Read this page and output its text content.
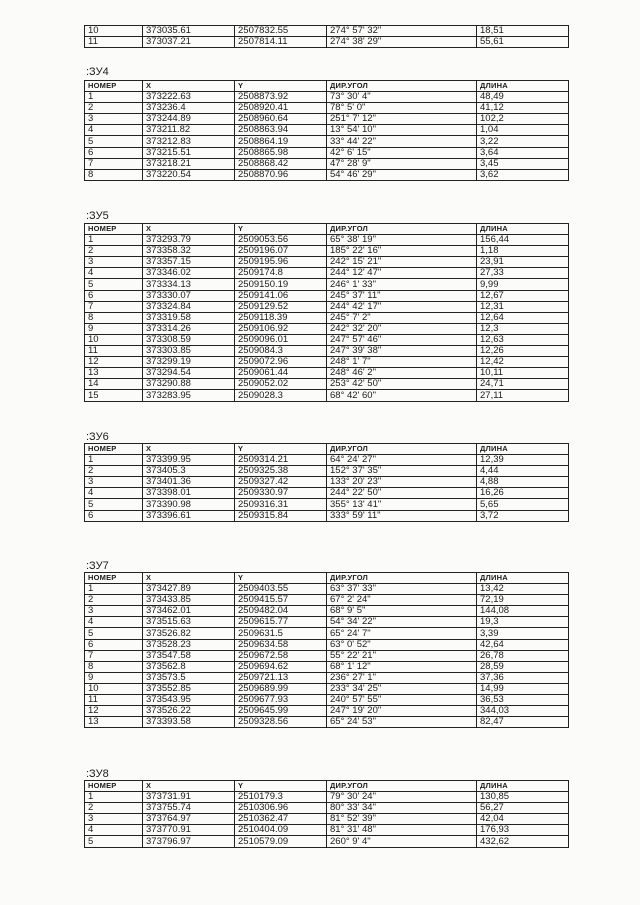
10	373035.61	2507832.55	274° 57' 32"	18,51
11	373037.21	2507814.11	274° 38' 29"	55,61
:ЗУ4
НОМЕР	X	Y	ДИР.УГОЛ	ДЛИНА
1	373222.63	2508873.92	73° 30' 4"	48,49
2	373236.4	2508920.41	78° 5' 0"	41,12
3	373244.89	2508960.64	251° 7' 12"	102,2
4	373211.82	2508863.94	13° 54' 10"	1,04
5	373212.83	2508864.19	33° 44' 22"	3,22
6	373215.51	2508865.98	42° 6' 15"	3,64
7	373218.21	2508868.42	47° 28' 9"	3,45
8	373220.54	2508870.96	54° 46' 29"	3,62
:ЗУ5
НОМЕР	X	Y	ДИР.УГОЛ	ДЛИНА
1	373293.79	2509053.56	65° 38' 19"	156,44
2	373358.32	2509196.07	185° 22' 16"	1,18
3	373357.15	2509195.96	242° 15' 21"	23,91
4	373346.02	2509174.8	244° 12' 47"	27,33
5	373334.13	2509150.19	246° 1' 33"	9,99
6	373330.07	2509141.06	245° 37' 11"	12,67
7	373324.84	2509129.52	244° 42' 17"	12,31
8	373319.58	2509118.39	245° 7' 2"	12,64
9	373314.26	2509106.92	242° 32' 20"	12,3
10	373308.59	2509096.01	247° 57' 46"	12,63
11	373303.85	2509084.3	247° 39' 38"	12,26
12	373299.19	2509072.96	248° 1' 7"	12,42
13	373294.54	2509061.44	248° 46' 2"	10,11
14	373290.88	2509052.02	253° 42' 50"	24,71
15	373283.95	2509028.3	68° 42' 60"	27,11
:ЗУ6
НОМЕР	X	Y	ДИР.УГОЛ	ДЛИНА
1	373399.95	2509314.21	64° 24' 27"	12,39
2	373405.3	2509325.38	152° 37' 35"	4,44
3	373401.36	2509327.42	133° 20' 23"	4,88
4	373398.01	2509330.97	244° 22' 50"	16,26
5	373390.98	2509316.31	355° 13' 41"	5,65
6	373396.61	2509315.84	333° 59' 11"	3,72
:ЗУ7
НОМЕР	X	Y	ДИР.УГОЛ	ДЛИНА
1	373427.89	2509403.55	63° 37' 33"	13,42
2	373433.85	2509415.57	67° 2' 24"	72,19
3	373462.01	2509482.04	68° 9' 5"	144,08
4	373515.63	2509615.77	54° 34' 22"	19,3
5	373526.82	2509631.5	65° 24' 7"	3,39
6	373528.23	2509634.58	63° 0' 52"	42,64
7	373547.58	2509672.58	55° 22' 21"	26,78
8	373562.8	2509694.62	68° 1' 12"	28,59
9	373573.5	2509721.13	236° 27' 1"	37,36
10	373552.85	2509689.99	233° 34' 25"	14,99
11	373543.95	2509677.93	240° 57' 55"	36,53
12	373526.22	2509645.99	247° 19' 20"	344,03
13	373393.58	2509328.56	65° 24' 53"	82,47
:ЗУ8
НОМЕР	X	Y	ДИР.УГОЛ	ДЛИНА
1	373731.91	2510179.3	79° 30' 24"	130,85
2	373755.74	2510306.96	80° 33' 34"	56,27
3	373764.97	2510362.47	81° 52' 39"	42,04
4	373770.91	2510404.09	81° 31' 48"	176,93
5	373796.97	2510579.09	260° 9' 4"	432,62
